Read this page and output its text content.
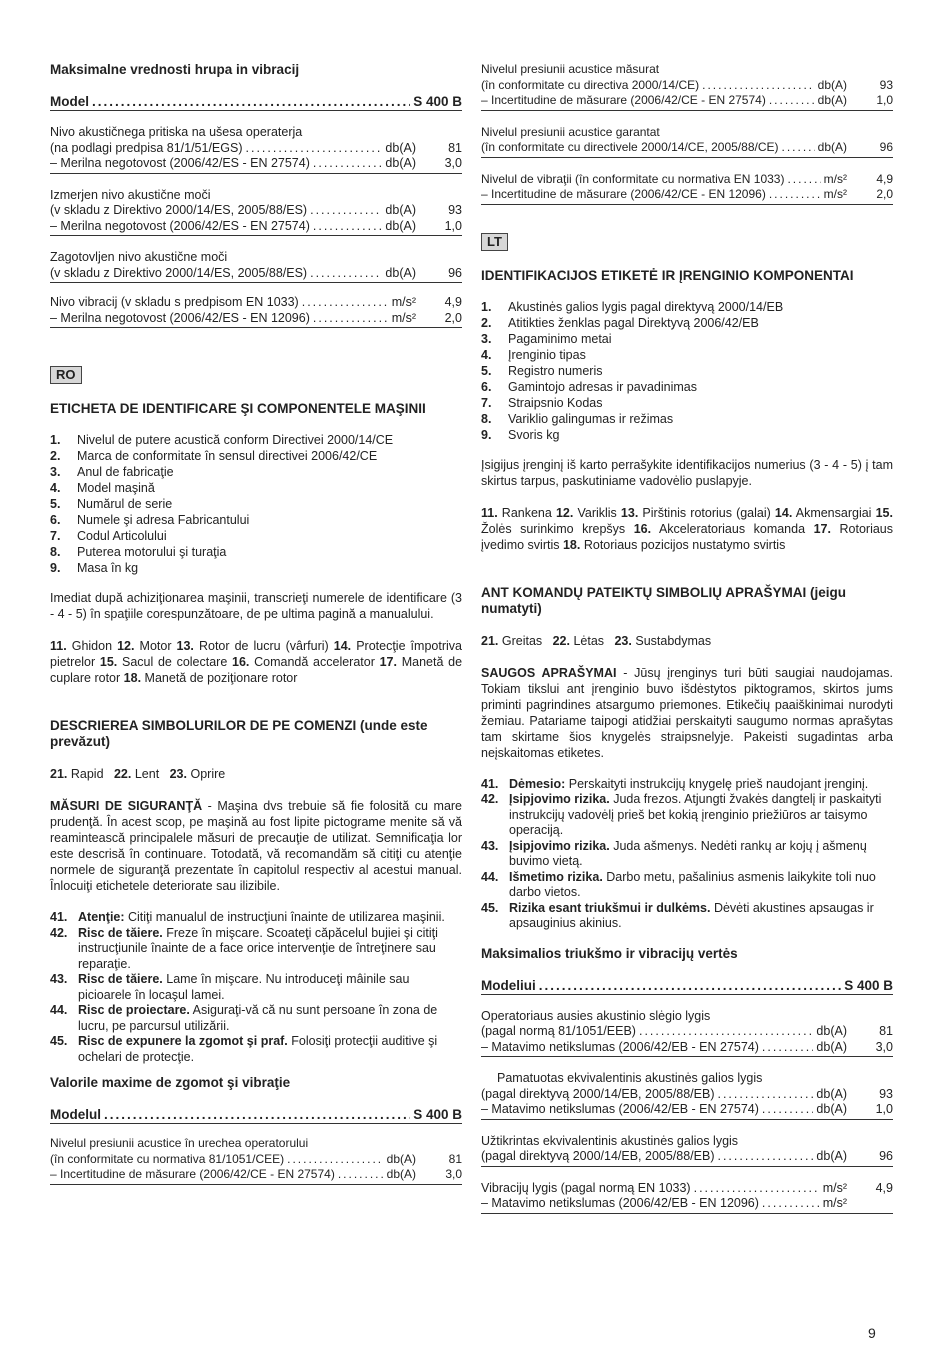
Maksimalne vrednosti hrupa in vibracij
Model .....	S 400 B
Nivo akustičnega pritiska na ušesa operaterja
(na podlagi predpisa 81/1/51/EGS) .....	db(A)	81
– Merilna negotovost (2006/42/ES - EN 27574) .....	db(A)	3,0
Izmerjen nivo akustične moči
(v skladu z Direktivo 2000/14/ES, 2005/88/ES) .....	db(A)	93
– Merilna negotovost (2006/42/ES - EN 27574) .....	db(A)	1,0
Zagotovljen nivo akustične moči
(v skladu z Direktivo 2000/14/ES, 2005/88/ES) .....	db(A)	96
Nivo vibracij (v skladu s predpisom EN 1033) .....	m/s²	4,9
– Merilna negotovost (2006/42/ES - EN 12096) .....	m/s²	2,0
RO
ETICHETA DE IDENTIFICARE ŞI COMPONENTELE MAŞINII
1.	Nivelul de putere acustică conform Directivei 2000/14/CE
2.	Marca de conformitate în sensul directivei 2006/42/CE
3.	Anul de fabricaţie
4.	Model maşină
5.	Numărul de serie
6.	Numele şi adresa Fabricantului
7.	Codul Articolului
8.	Puterea motorului şi turaţia
9.	Masa în kg
Imediat după achiziţionarea maşinii, transcrieţi numerele de identificare (3 - 4 - 5) în spaţiile corespunzătoare, de pe ultima pagină a manualului.
11. Ghidon 12. Motor 13. Rotor de lucru (vârfuri) 14. Protecţie împotriva pietrelor 15. Sacul de colectare 16. Comandă accelerator 17. Manetă de cuplare rotor 18. Manetă de poziţionare rotor
DESCRIEREA SIMBOLURILOR DE PE COMENZI (unde este prevăzut)
21. Rapid 22. Lent 23. Oprire
MĂSURI DE SIGURANŢĂ - Maşina dvs trebuie să fie folosită cu mare prudenţă. În acest scop, pe maşină au fost lipite pictograme menite să vă reamintească principalele măsuri de precauţie de utilizat. Semnificaţia lor este descrisă în continuare. Totodată, vă recomandăm să citiţi cu atenţie normele de siguranţă prezentate în capitolul respectiv al acestui manual. Înlocuiţi etichetele deteriorate sau ilizibile.
41. Atenţie: Citiţi manualul de instrucţiuni înainte de utilizarea maşinii.
42. Risc de tăiere. Freze în mişcare. Scoateţi căpăcelul bujiei şi citiţi instrucţiunile înainte de a face orice intervenţie de întreţinere sau reparaţie.
43. Risc de tăiere. Lame în mişcare. Nu introduceţi mâinile sau picioarele în locaşul lamei.
44. Risc de proiectare. Asiguraţi-vă că nu sunt persoane în zona de lucru, pe parcursul utilizării.
45. Risc de expunere la zgomot şi praf. Folosiţi protecţii auditive şi ochelari de protecţie.
Valorile maxime de zgomot şi vibraţie
Modelul .....	S 400 B
Nivelul presiunii acustice în urechea operatorului
(în conformitate cu normativa 81/1051/CEE) .....	db(A)	81
– Incertitudine de măsurare (2006/42/CE - EN 27574) .....	db(A)	3,0
Nivelul presiunii acustice măsurat
(în conformitate cu directiva 2000/14/CE) .....	db(A)	93
– Incertitudine de măsurare (2006/42/CE - EN 27574) .....	db(A)	1,0
Nivelul presiunii acustice garantat
(în conformitate cu directivele 2000/14/CE, 2005/88/CE) .....	db(A)	96
Nivelul de vibraţii (în conformitate cu normativa EN 1033) .....	m/s²	4,9
– Incertitudine de măsurare (2006/42/CE - EN 12096) .....	m/s²	2,0
LT
IDENTIFIKACIJOS ETIKETĖ IR ĮRENGINIO KOMPONENTAI
1.	Akustinės galios lygis pagal direktyvą 2000/14/EB
2.	Atitikties ženklas pagal Direktyvą 2006/42/EB
3.	Pagaminimo metai
4.	Įrenginio tipas
5.	Registro numeris
6.	Gamintojo adresas ir pavadinimas
7.	Straipsnio Kodas
8.	Variklio galingumas ir režimas
9.	Svoris kg
Įsigijus įrenginį iš karto perrašykite identifikacijos numerius (3 - 4 - 5) į tam skirtus tarpus, paskutiniame vadovėlio puslapyje.
11. Rankena 12. Variklis 13. Pirštinis rotorius (galai) 14. Akmensargiai 15. Žolės surinkimo krepšys 16. Akceleratoriaus komanda 17. Rotoriaus įvedimo svirtis 18. Rotoriaus pozicijos nustatymo svirtis
ANT KOMANDŲ PATEIKTŲ SIMBOLIŲ APRAŠYMAI (jeigu numatyti)
21. Greitas 22. Lėtas 23. Sustabdymas
SAUGOS APRAŠYMAI - Jūsų įrenginys turi būti saugiai naudojamas. Tokiam tikslui ant įrenginio buvo išdėstytos piktogramos, skirtos jums priminti pagrindines atsargumo priemones. Etikečių paaiškinimai nurodyti žemiau. Patariame taipogi atidžiai perskaityti saugumo normas aprašytas tam skirtame šios knygelės straipsnelyje. Pakeisti sugadintas arba neįskaitomas etiketes.
41. Dėmesio: Perskaityti instrukcijų knygelę prieš naudojant įrenginį.
42. Įsipjovimo rizika. Juda frezos. Atjungti žvakės dangtelį ir paskaityti instrukcijų vadovėlį prieš bet kokią įrenginio priežiūros ar taisymo operaciją.
43. Įsipjovimo rizika. Juda ašmenys. Nedėti rankų ar kojų į ašmenų buvimo vietą.
44. Išmetimo rizika. Darbo metu, pašalinius asmenis laikykite toli nuo darbo vietos.
45. Rizika esant triukšmui ir dulkėms. Dėvėti akustines apsaugas ir apsauginius akinius.
Maksimalios triukšmo ir vibracijų vertės
Modeliui .....	S 400 B
Operatoriaus ausies akustinio slėgio lygis
(pagal normą 81/1051/EEB) .....	db(A)	81
– Matavimo netikslumas (2006/42/EB - EN 27574) .....	db(A)	3,0
Pamatuotas ekvivalentinis akustinės galios lygis
(pagal direktyvą 2000/14/EB, 2005/88/EB) .....	db(A)	93
– Matavimo netikslumas (2006/42/EB - EN 27574) .....	db(A)	1,0
Užtikrintas ekvivalentinis akustinės galios lygis
(pagal direktyvą 2000/14/EB, 2005/88/EB) .....	db(A)	96
Vibracijų lygis (pagal normą EN 1033) .....	m/s²	4,9
– Matavimo netikslumas (2006/42/EB - EN 12096) .....	m/s²
9
